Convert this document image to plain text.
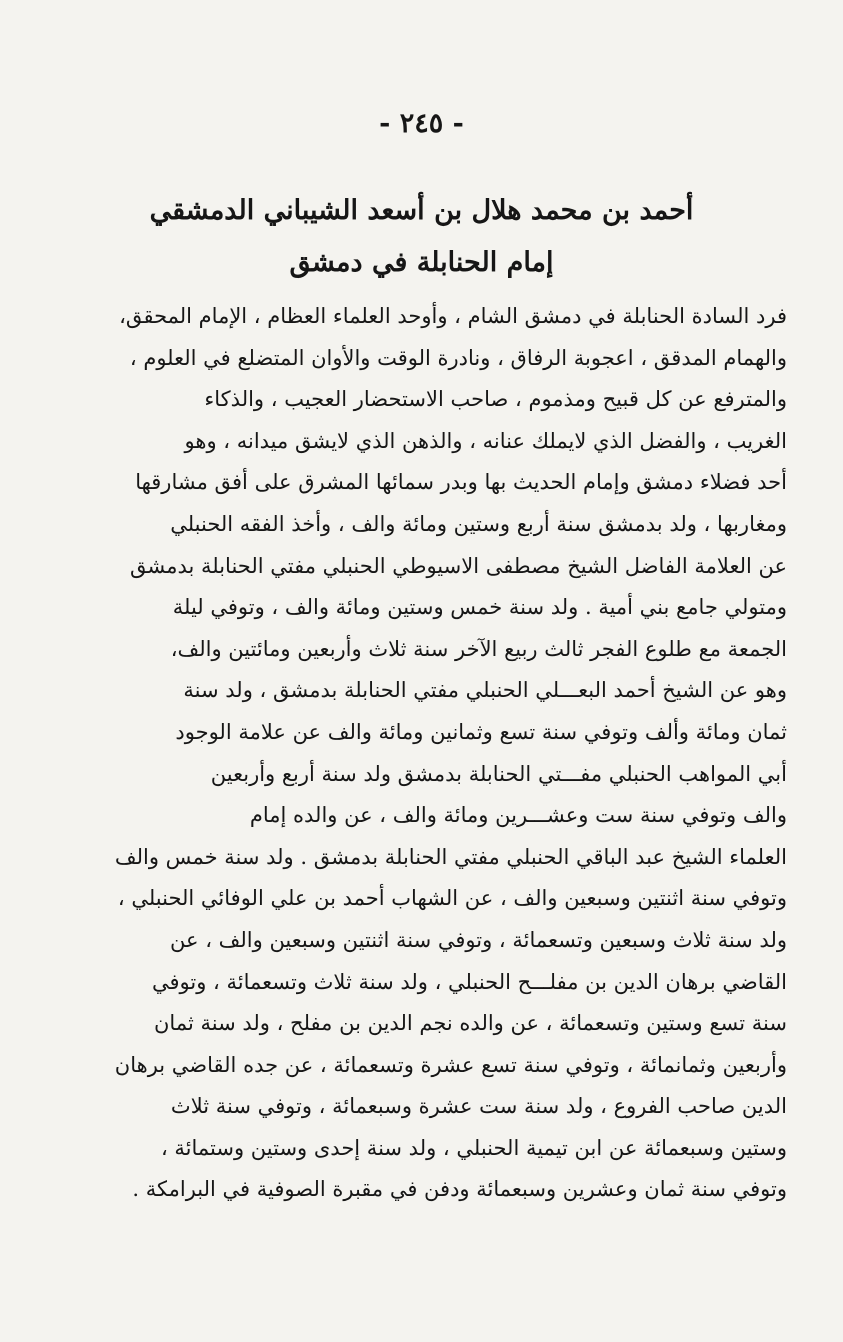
- ٢٤٥ -
أحمد بن محمد هلال بن أسعد الشيباني الدمشقي
إمام الحنابلة في دمشق
فرد السادة الحنابلة في دمشق الشام ، وأوحد العلماء العظام ، الإمام المحقق،
والهمام المدقق ، اعجوبة الرفاق ، ونادرة الوقت والأوان المتضلع في العلوم ،
والمترفع عن كل قبيح ومذموم ، صاحب الاستحضار العجيب ، والذكاء
الغريب ، والفضل الذي لايملك عنانه ، والذهن الذي لايشق ميدانه ، وهو
أحد فضلاء دمشق وإمام الحديث بها وبدر سمائها المشرق على أفق مشارقها
ومغاربها ، ولد بدمشق سنة أربع وستين ومائة والف ، وأخذ الفقه الحنبلي
عن العلامة الفاضل الشيخ مصطفى الاسيوطي الحنبلي مفتي الحنابلة بدمشق
ومتولي جامع بني أمية . ولد سنة خمس وستين ومائة والف ، وتوفي ليلة
الجمعة مع طلوع الفجر ثالث ربيع الآخر سنة ثلاث وأربعين ومائتين والف،
وهو عن الشيخ أحمد البعـــلي الحنبلي مفتي الحنابلة بدمشق ، ولد سنة
ثمان ومائة وألف وتوفي سنة تسع وثمانين ومائة والف عن علامة الوجود
أبي المواهب الحنبلي مفـــتي الحنابلة بدمشق ولد سنة أربع وأربعين
والف وتوفي سنة ست وعشـــرين ومائة والف ، عن والده إمام
العلماء الشيخ عبد الباقي الحنبلي مفتي الحنابلة بدمشق . ولد سنة خمس والف
وتوفي سنة اثنتين وسبعين والف ، عن الشهاب أحمد بن علي الوفائي الحنبلي ،
ولد سنة ثلاث وسبعين وتسعمائة ، وتوفي سنة اثنتين وسبعين والف ، عن
القاضي برهان الدين بن مفلـــح الحنبلي ، ولد سنة ثلاث وتسعمائة ، وتوفي
سنة تسع وستين وتسعمائة ، عن والده نجم الدين بن مفلح ، ولد سنة ثمان
وأربعين وثمانمائة ، وتوفي سنة تسع عشرة وتسعمائة ، عن جده القاضي برهان
الدين صاحب الفروع ، ولد سنة ست عشرة وسبعمائة ، وتوفي سنة ثلاث
وستين وسبعمائة عن ابن تيمية الحنبلي ، ولد سنة إحدى وستين وستمائة ،
وتوفي سنة ثمان وعشرين وسبعمائة ودفن في مقبرة الصوفية في البرامكة .
